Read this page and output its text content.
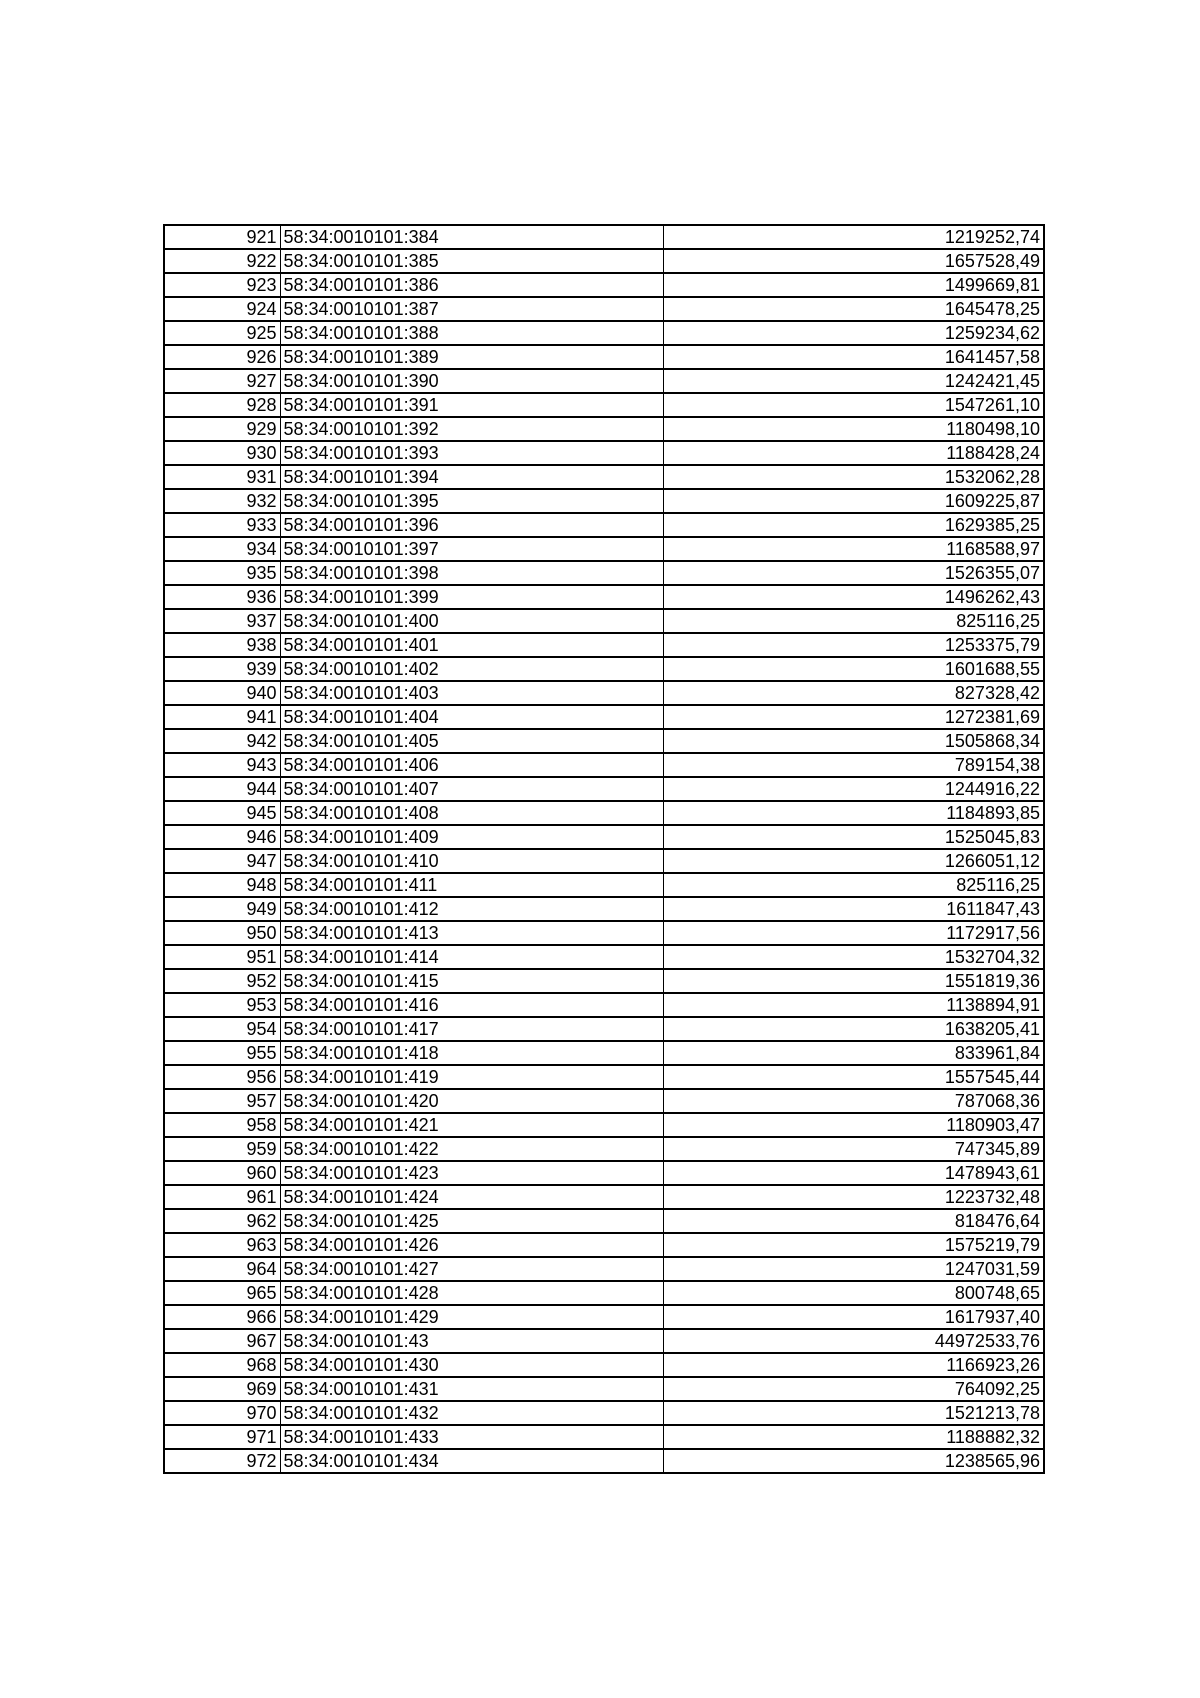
921	58:34:0010101:384	1219252,74
922	58:34:0010101:385	1657528,49
923	58:34:0010101:386	1499669,81
924	58:34:0010101:387	1645478,25
925	58:34:0010101:388	1259234,62
926	58:34:0010101:389	1641457,58
927	58:34:0010101:390	1242421,45
928	58:34:0010101:391	1547261,10
929	58:34:0010101:392	1180498,10
930	58:34:0010101:393	1188428,24
931	58:34:0010101:394	1532062,28
932	58:34:0010101:395	1609225,87
933	58:34:0010101:396	1629385,25
934	58:34:0010101:397	1168588,97
935	58:34:0010101:398	1526355,07
936	58:34:0010101:399	1496262,43
937	58:34:0010101:400	825116,25
938	58:34:0010101:401	1253375,79
939	58:34:0010101:402	1601688,55
940	58:34:0010101:403	827328,42
941	58:34:0010101:404	1272381,69
942	58:34:0010101:405	1505868,34
943	58:34:0010101:406	789154,38
944	58:34:0010101:407	1244916,22
945	58:34:0010101:408	1184893,85
946	58:34:0010101:409	1525045,83
947	58:34:0010101:410	1266051,12
948	58:34:0010101:411	825116,25
949	58:34:0010101:412	1611847,43
950	58:34:0010101:413	1172917,56
951	58:34:0010101:414	1532704,32
952	58:34:0010101:415	1551819,36
953	58:34:0010101:416	1138894,91
954	58:34:0010101:417	1638205,41
955	58:34:0010101:418	833961,84
956	58:34:0010101:419	1557545,44
957	58:34:0010101:420	787068,36
958	58:34:0010101:421	1180903,47
959	58:34:0010101:422	747345,89
960	58:34:0010101:423	1478943,61
961	58:34:0010101:424	1223732,48
962	58:34:0010101:425	818476,64
963	58:34:0010101:426	1575219,79
964	58:34:0010101:427	1247031,59
965	58:34:0010101:428	800748,65
966	58:34:0010101:429	1617937,40
967	58:34:0010101:43	44972533,76
968	58:34:0010101:430	1166923,26
969	58:34:0010101:431	764092,25
970	58:34:0010101:432	1521213,78
971	58:34:0010101:433	1188882,32
972	58:34:0010101:434	1238565,96
